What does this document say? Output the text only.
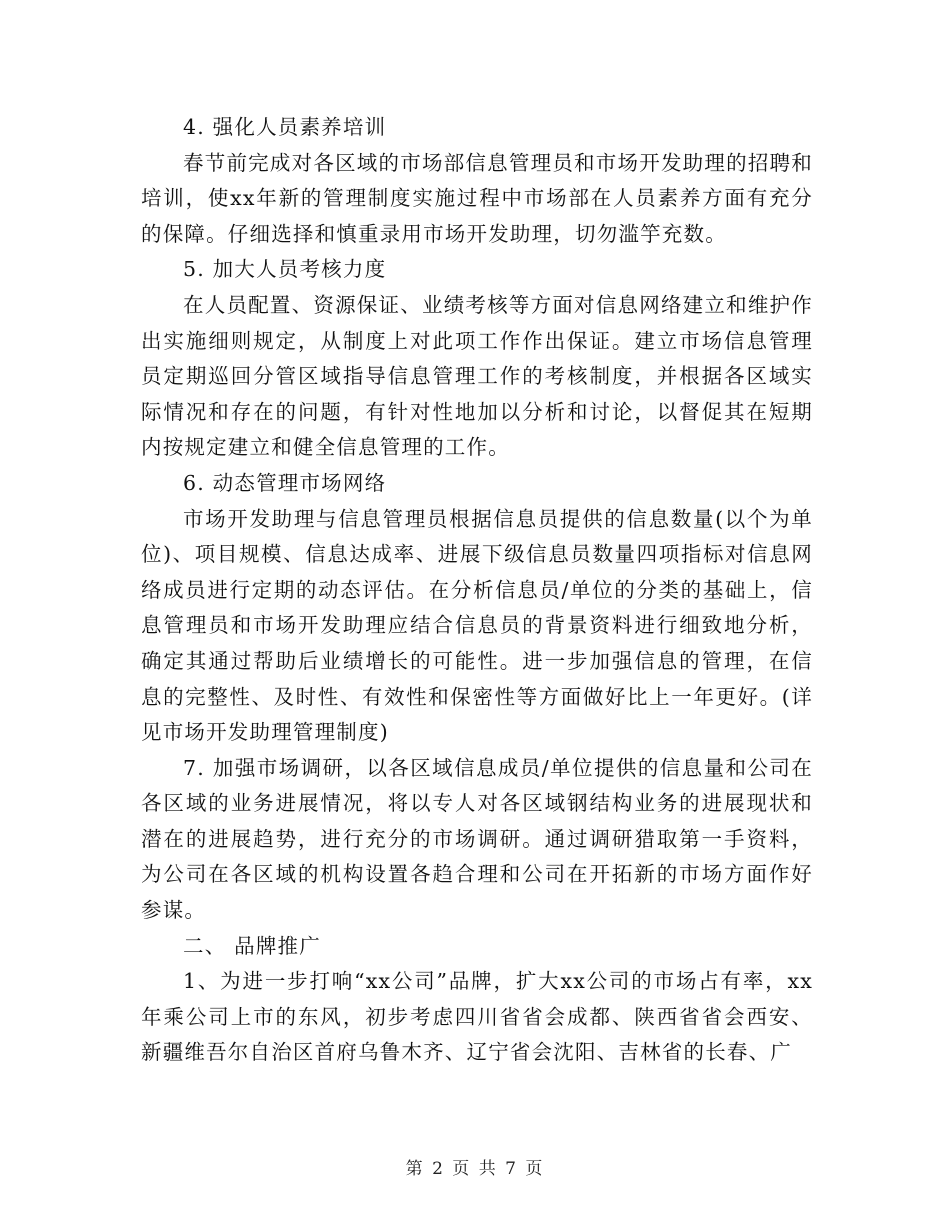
4. 强化人员素养培训

春节前完成对各区域的市场部信息管理员和市场开发助理的招聘和培训，使xx年新的管理制度实施过程中市场部在人员素养方面有充分的保障。仔细选择和慎重录用市场开发助理，切勿滥竽充数。

5. 加大人员考核力度

在人员配置、资源保证、业绩考核等方面对信息网络建立和维护作出实施细则规定，从制度上对此项工作作出保证。建立市场信息管理员定期巡回分管区域指导信息管理工作的考核制度，并根据各区域实际情况和存在的问题，有针对性地加以分析和讨论，以督促其在短期内按规定建立和健全信息管理的工作。

6. 动态管理市场网络

市场开发助理与信息管理员根据信息员提供的信息数量(以个为单位)、项目规模、信息达成率、进展下级信息员数量四项指标对信息网络成员进行定期的动态评估。在分析信息员/单位的分类的基础上，信息管理员和市场开发助理应结合信息员的背景资料进行细致地分析，确定其通过帮助后业绩增长的可能性。进一步加强信息的管理，在信息的完整性、及时性、有效性和保密性等方面做好比上一年更好。(详见市场开发助理管理制度)

7. 加强市场调研，以各区域信息成员/单位提供的信息量和公司在各区域的业务进展情况，将以专人对各区域钢结构业务的进展现状和潜在的进展趋势，进行充分的市场调研。通过调研猎取第一手资料，为公司在各区域的机构设置各趋合理和公司在开拓新的市场方面作好参谋。

二、 品牌推广

1、为进一步打响“xx公司”品牌，扩大xx公司的市场占有率，xx年乘公司上市的东风，初步考虑四川省省会成都、陕西省省会西安、新疆维吾尔自治区首府乌鲁木齐、辽宁省会沈阳、吉林省的长春、广

第 2 页 共 7 页
